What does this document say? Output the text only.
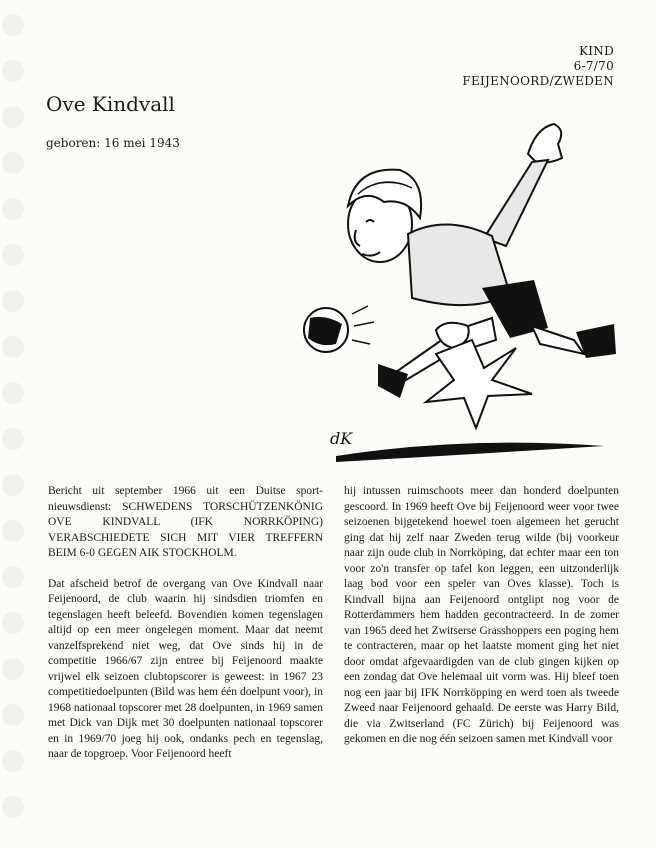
KIND
6-7/70
FEIJENOORD/ZWEDEN
Ove Kindvall
geboren: 16 mei 1943
dK

Bericht uit september 1966 uit een Duitse sport-nieuwsdienst: SCHWEDENS TORSCHÜTZENKÖNIG OVE KINDVALL (IFK NORRKÖPING) VERABSCHIEDETE SICH MIT VIER TREFFERN BEIM 6-0 GEGEN AIK STOCKHOLM.

Dat afscheid betrof de overgang van Ove Kindvall naar Feijenoord, de club waarin hij sindsdien triomfen en tegenslagen heeft beleefd. Bovendien komen tegenslagen altijd op een meer ongelegen moment. Maar dat neemt vanzelfsprekend niet weg, dat Ove sinds hij in de competitie 1966/67 zijn entree bij Feijenoord maakte vrijwel elk seizoen clubtopscorer is geweest: in 1967 23 competitiedoelpunten (Bild was hem één doelpunt voor), in 1968 nationaal topscorer met 28 doelpunten, in 1969 samen met Dick van Dijk met 30 doelpunten nationaal topscorer en in 1969/70 joeg hij ook, ondanks pech en tegenslag, naar de topgroep. Voor Feijenoord heeft

hij intussen ruimschoots meer dan honderd doelpunten gescoord. In 1969 heeft Ove bij Feijenoord weer voor twee seizoenen bijgetekend hoewel toen algemeen het gerucht ging dat hij zelf naar Zweden terug wilde (bij voorkeur naar zijn oude club in Norrköping, dat echter maar een ton voor zo'n transfer op tafel kon leggen, een uitzonderlijk laag bod voor een speler van Oves klasse). Toch is Kindvall bijna aan Feijenoord ontglipt nog voor de Rotterdammers hem hadden gecontracteerd. In de zomer van 1965 deed het Zwitserse Grasshoppers een poging hem te contracteren, maar op het laatste moment ging het niet door omdat afgevaardigden van de club gingen kijken op een zondag dat Ove helemaal uit vorm was. Hij bleef toen nog een jaar bij IFK Norrköpping en werd toen als tweede Zweed naar Feijenoord gehaald. De eerste was Harry Bild, die via Zwitserland (FC Zürich) bij Feijenoord was gekomen en die nog één seizoen samen met Kindvall voor
